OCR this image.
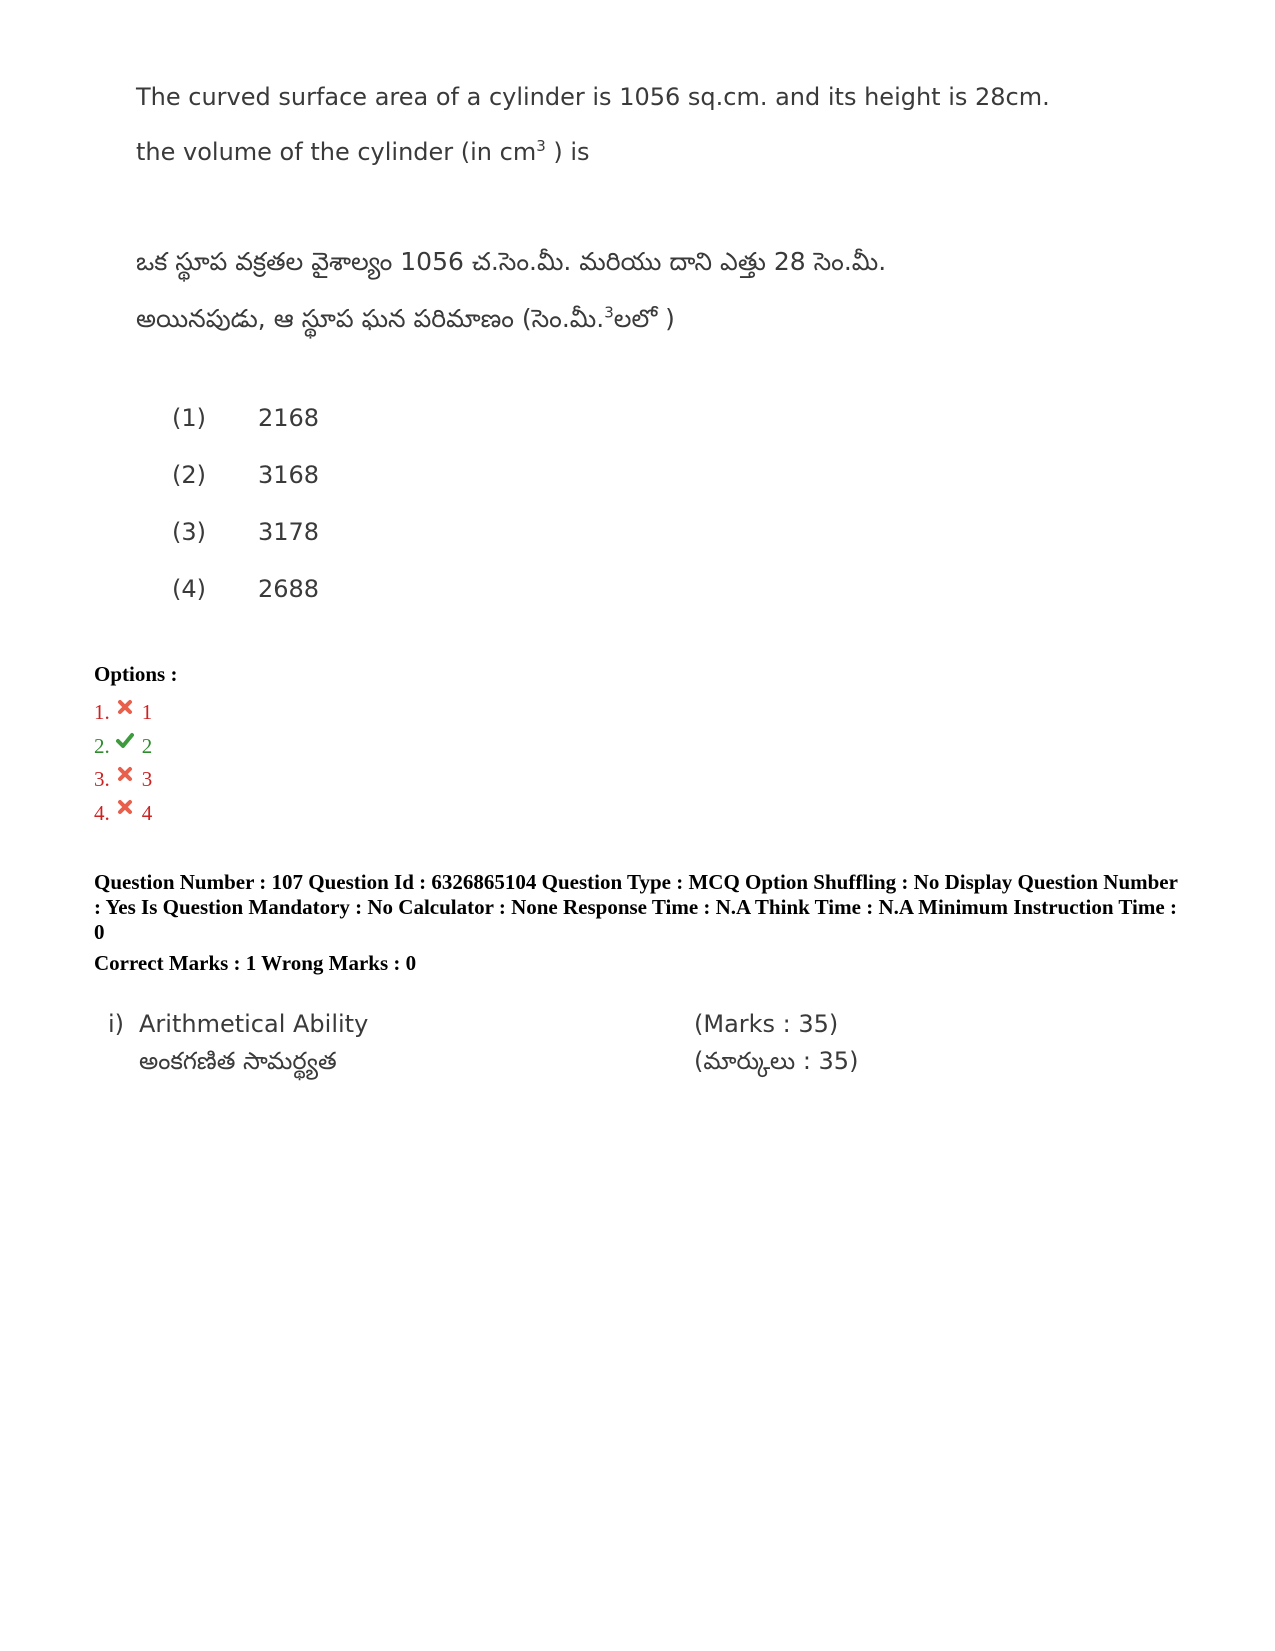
The curved surface area of a cylinder is 1056 sq.cm. and its height is 28cm.
the volume of the cylinder (in $cm^3$ ) is
ఒక స్థూప వక్రతల వైశాల్యం 1056 చ.సెం.మీ. మరియు దాని ఎత్తు 28 సెం.మీ.
అయినపుడు, ఆ స్థూప ఘన పరిమాణం (సెం.మీ.$^3$లలో )
(1)	2168
(2)	3168
(3)	3178
(4)	2688
Options :
1. 1
2. 2
3. 3
4. 4
Question Number : 107 Question Id : 6326865104 Question Type : MCQ Option Shuffling : No Display Question Number : Yes Is Question Mandatory : No Calculator : None Response Time : N.A Think Time : N.A Minimum Instruction Time : 0
Correct Marks : 1 Wrong Marks : 0
i) Arithmetical Ability	(Marks : 35)
అంకగణిత సామర్థ్యత	(మార్కులు : 35)
